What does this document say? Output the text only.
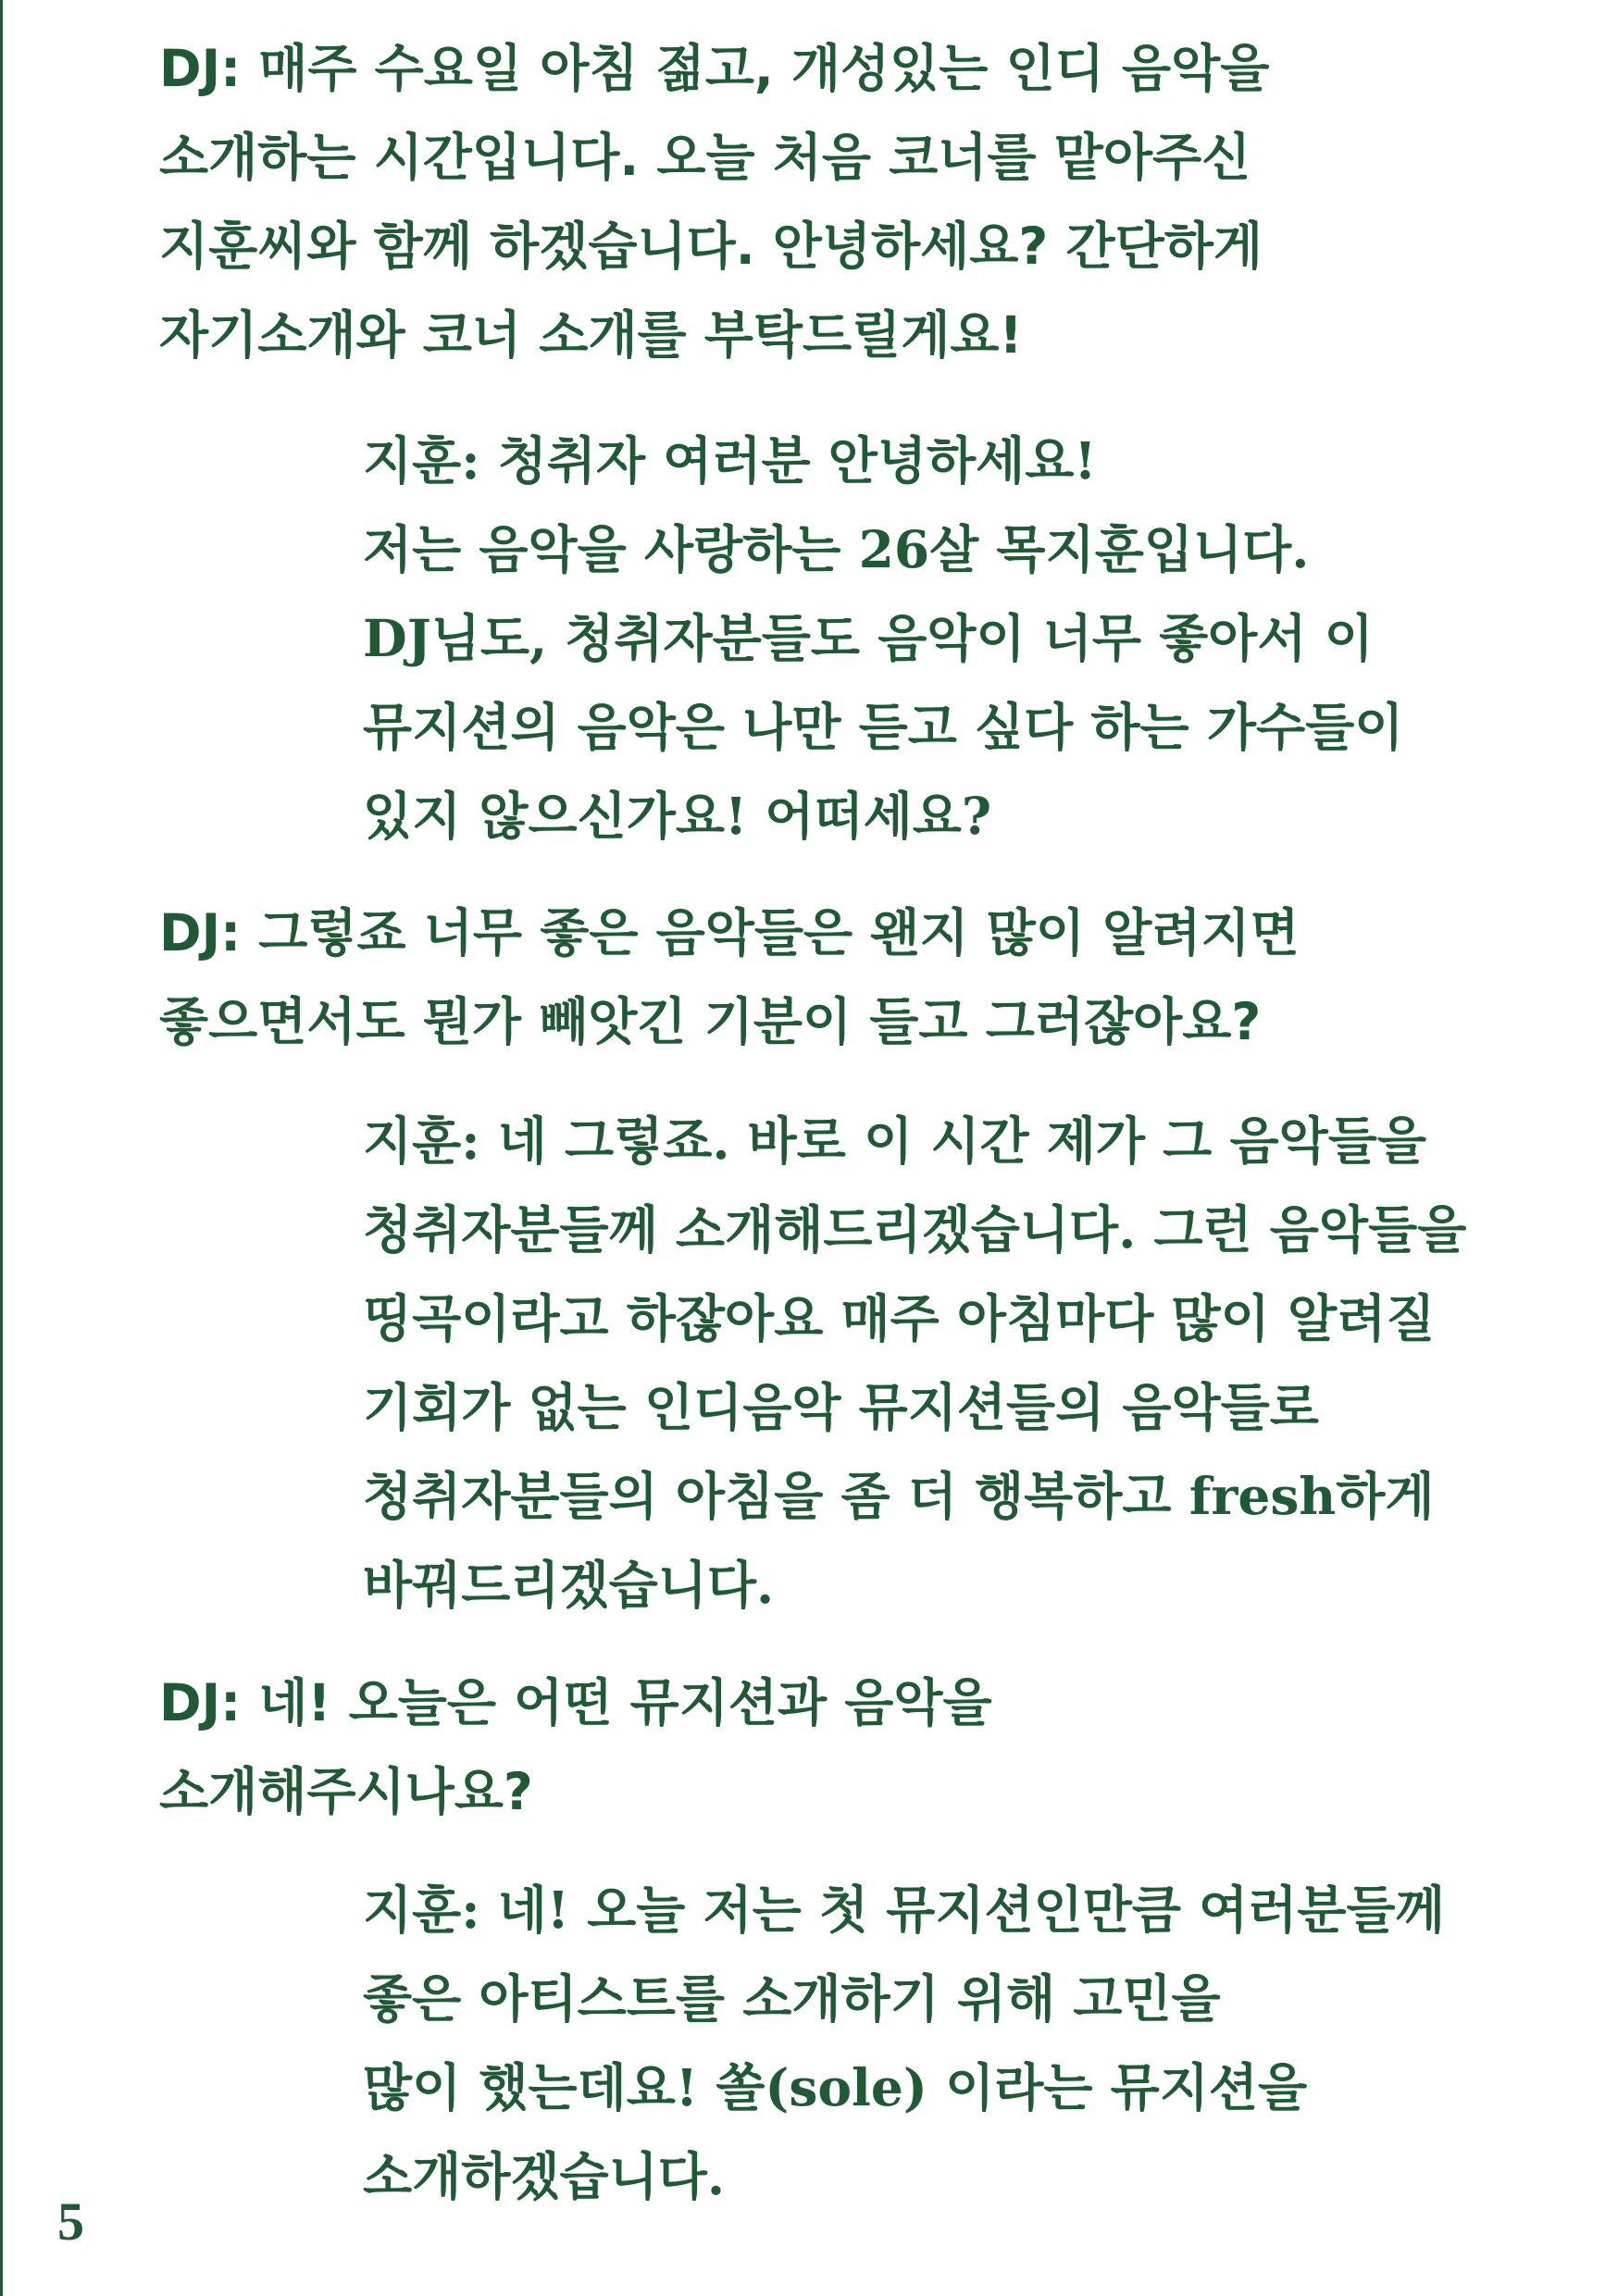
DJ: 매주 수요일 아침 젊고, 개성있는 인디 음악을
소개하는 시간입니다. 오늘 처음 코너를 맡아주신
지훈씨와 함께 하겠습니다. 안녕하세요? 간단하게
자기소개와 코너 소개를 부탁드릴게요!
지훈: 청취자 여러분 안녕하세요!
저는 음악을 사랑하는 26살 목지훈입니다.
DJ님도, 청취자분들도 음악이 너무 좋아서 이
뮤지션의 음악은 나만 듣고 싶다 하는 가수들이
있지 않으신가요! 어떠세요?
DJ: 그렇죠 너무 좋은 음악들은 왠지 많이 알려지면
좋으면서도 뭔가 빼앗긴 기분이 들고 그러잖아요?
지훈: 네 그렇죠. 바로 이 시간 제가 그 음악들을
청취자분들께 소개해드리겠습니다. 그런 음악들을
띵곡이라고 하잖아요 매주 아침마다 많이 알려질
기회가 없는 인디음악 뮤지션들의 음악들로
청취자분들의 아침을 좀 더 행복하고 fresh하게
바꿔드리겠습니다.
DJ: 네! 오늘은 어떤 뮤지션과 음악을
소개해주시나요?
지훈: 네! 오늘 저는 첫 뮤지션인만큼 여러분들께
좋은 아티스트를 소개하기 위해 고민을
많이 했는데요! 쏠(sole) 이라는 뮤지션을
소개하겠습니다.
5
